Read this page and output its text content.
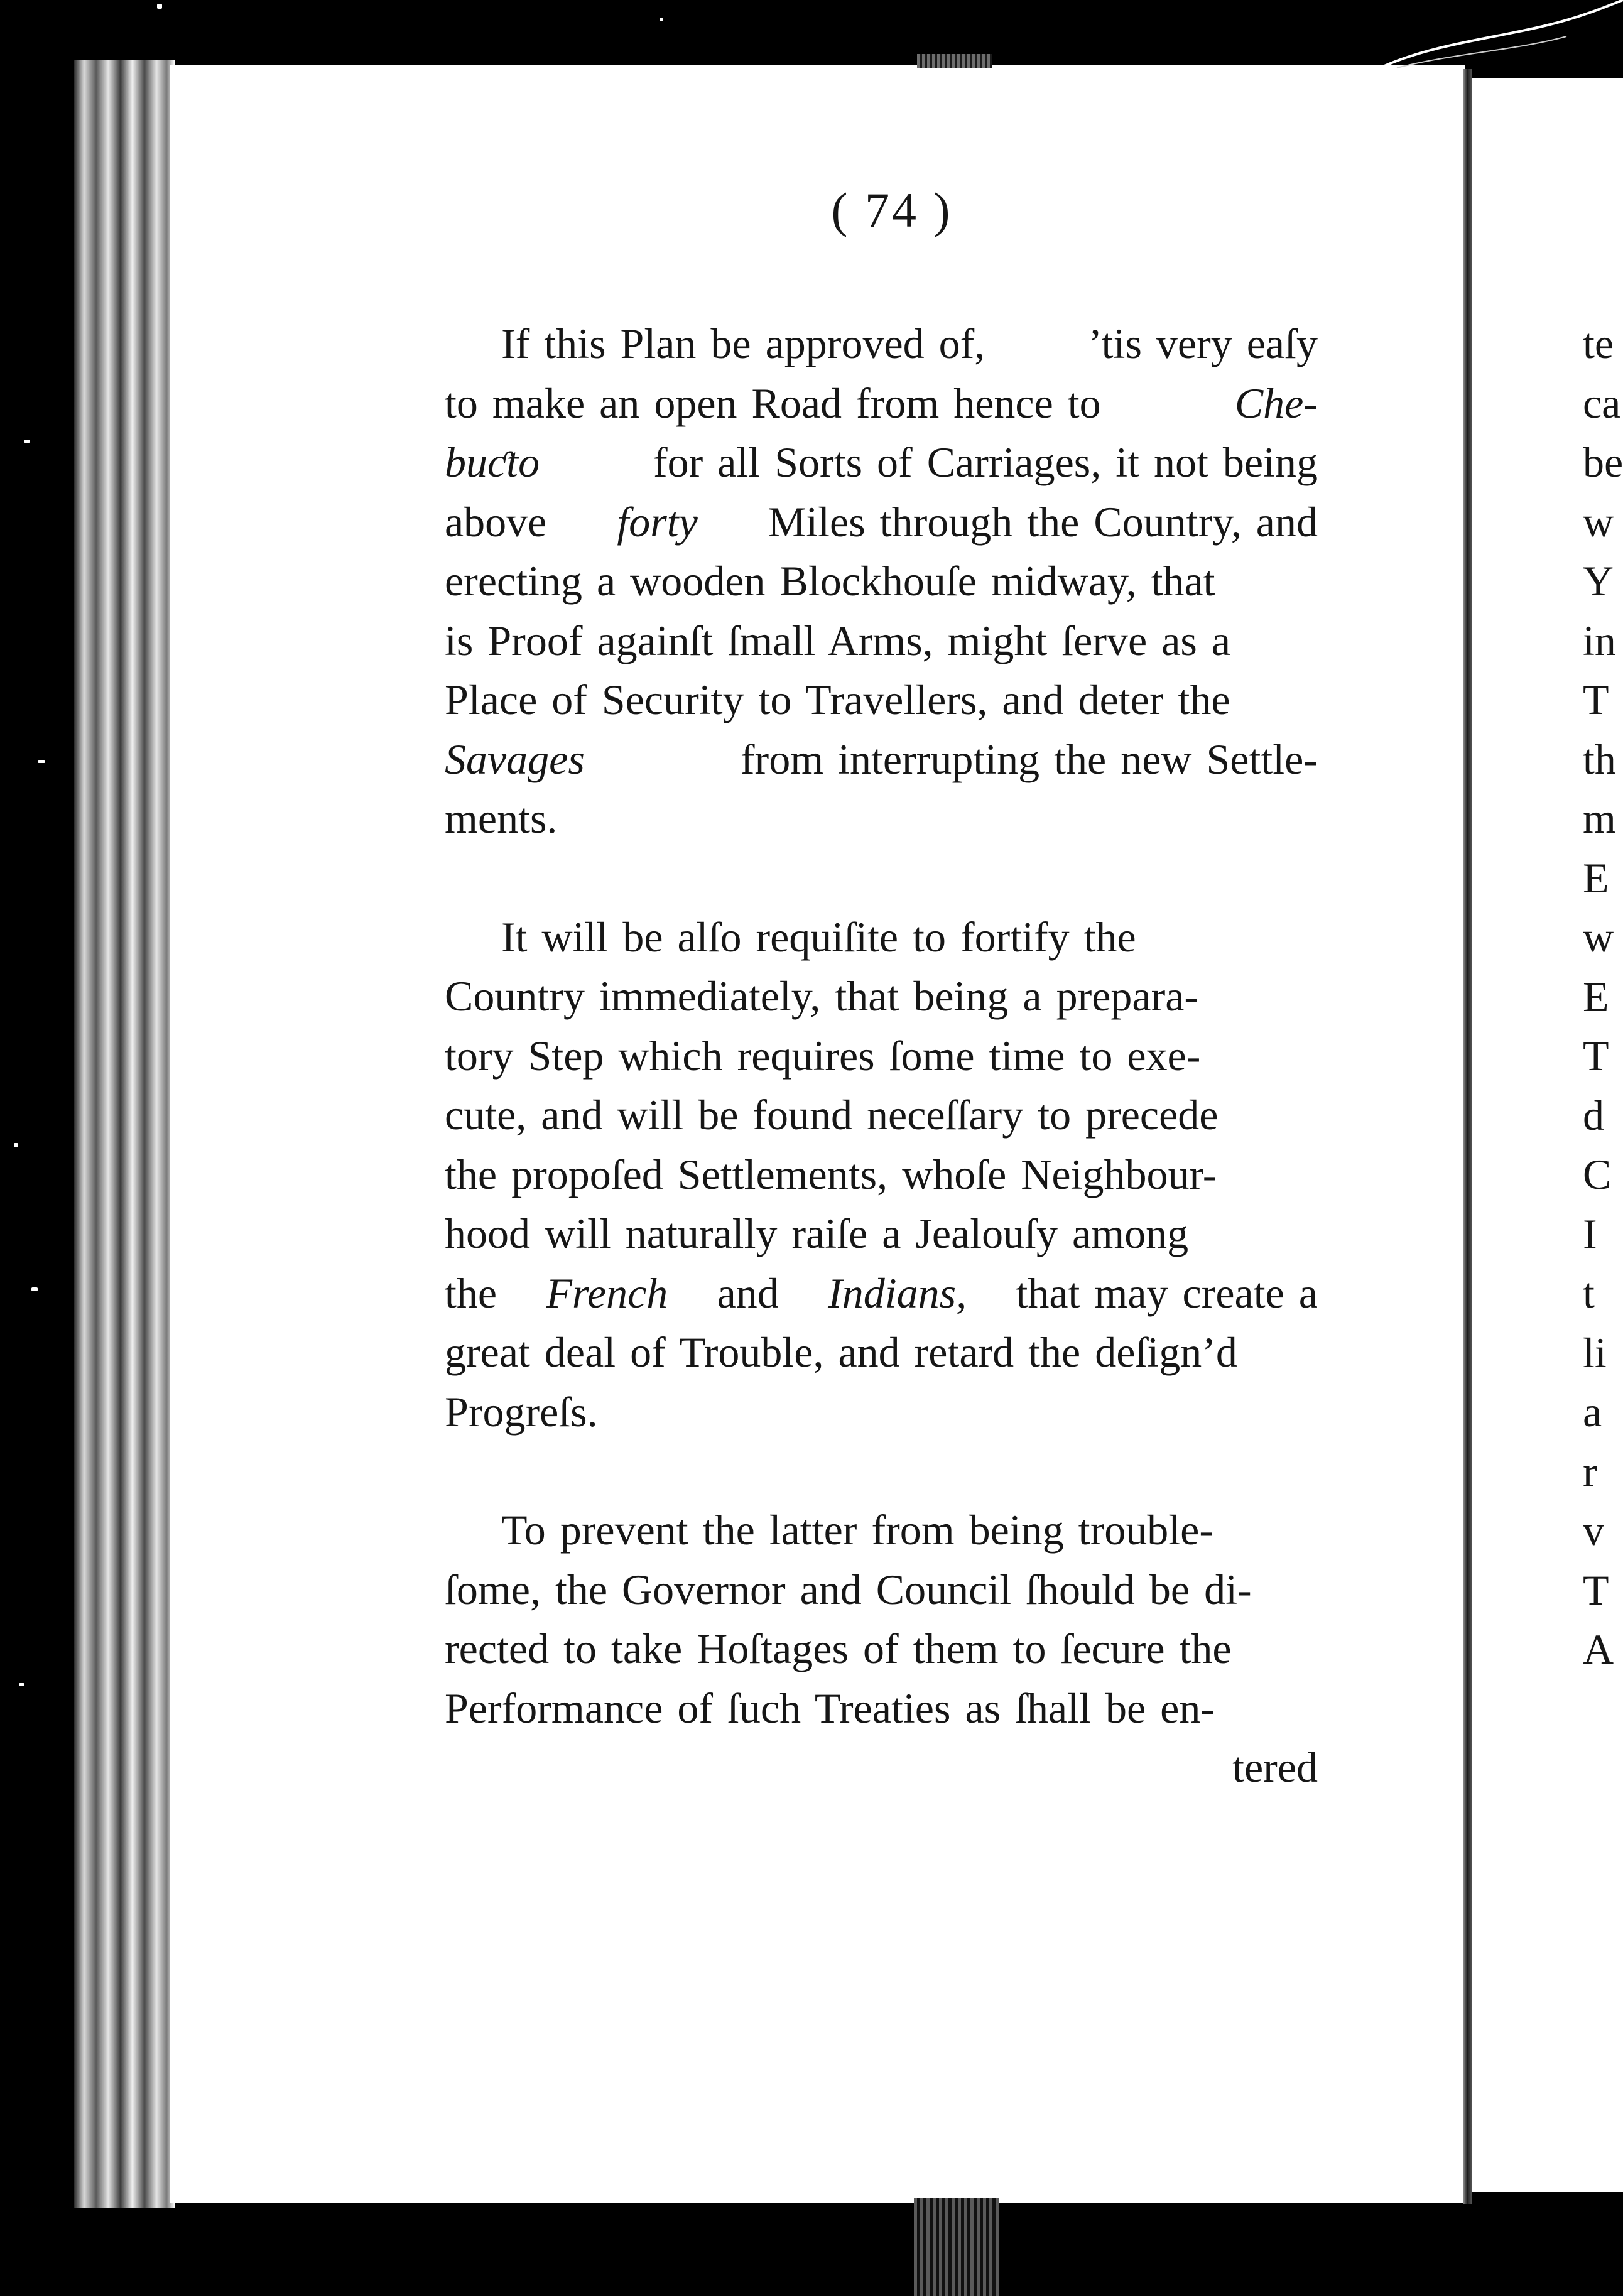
( 74 )
If this Plan be approved of, ’tis very eaſy
to make an open Road from hence to	Che-
buƈto for all Sorts of Carriages, it not being
above forty Miles through the Country, and
erecting a wooden Blockhouſe midway, that
is Proof againſt ſmall Arms, might ſerve as a
Place of Security to Travellers, and deter the
Savages	from interrupting the new Settle-
ments.
It will be alſo requiſite to fortify the
Country immediately, that being a prepara-
tory Step which requires ſome time to exe-
cute, and will be found neceſſary to precede
the propoſed Settlements, whoſe Neighbour-
hood will naturally raiſe a Jealouſy among
the French and Indians, that may create a
great deal of Trouble, and retard the deſign’d
Progreſs.
To prevent the latter from being trouble-
ſome, the Governor and Council ſhould be di-
rected to take Hoſtages of them to ſecure the
Performance of ſuch Treaties as ſhall be en-
tered
te
ca
be
w
Y
in
T
th
m
E
w
E
T
d
C
I
t
li
a
r
v
T
A
